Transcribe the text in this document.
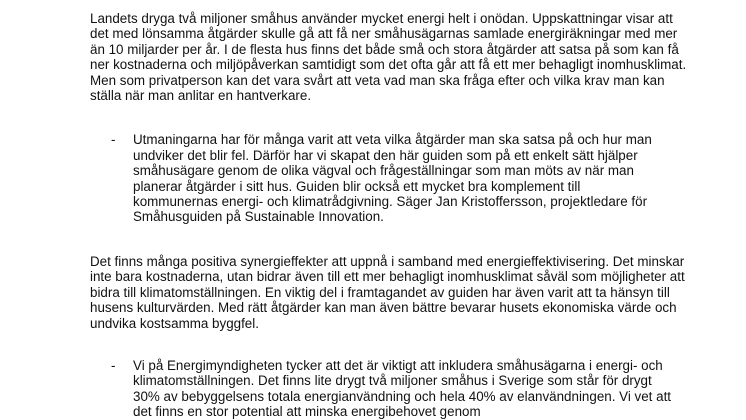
Landets dryga två miljoner småhus använder mycket energi helt i onödan. Uppskattningar visar att det med lönsamma åtgärder skulle gå att få ner småhusägarnas samlade energiräkningar med mer än 10 miljarder per år. I de flesta hus finns det både små och stora åtgärder att satsa på som kan få ner kostnaderna och miljöpåverkan samtidigt som det ofta går att få ett mer behagligt inomhusklimat.

Men som privatperson kan det vara svårt att veta vad man ska fråga efter och vilka krav man kan ställa när man anlitar en hantverkare.

- Utmaningarna har för många varit att veta vilka åtgärder man ska satsa på och hur man undviker det blir fel. Därför har vi skapat den här guiden som på ett enkelt sätt hjälper småhusägare genom de olika vägval och frågeställningar som man möts av när man planerar åtgärder i sitt hus. Guiden blir också ett mycket bra komplement till kommunernas energi- och klimatrådgivning. Säger Jan Kristoffersson, projektledare för Småhusguiden på Sustainable Innovation.

Det finns många positiva synergieffekter att uppnå i samband med energieffektivisering. Det minskar inte bara kostnaderna, utan bidrar även till ett mer behagligt inomhusklimat såväl som möjligheter att bidra till klimatomställningen. En viktig del i framtagandet av guiden har även varit att ta hänsyn till husens kulturvärden. Med rätt åtgärder kan man även bättre bevarar husets ekonomiska värde och undvika kostsamma byggfel.

- Vi på Energimyndigheten tycker att det är viktigt att inkludera småhusägarna i energi- och klimatomställningen. Det finns lite drygt två miljoner småhus i Sverige som står för drygt 30% av bebyggelsens totala energianvändning och hela 40% av elanvändningen. Vi vet att det finns en stor potential att minska energibehovet genom
